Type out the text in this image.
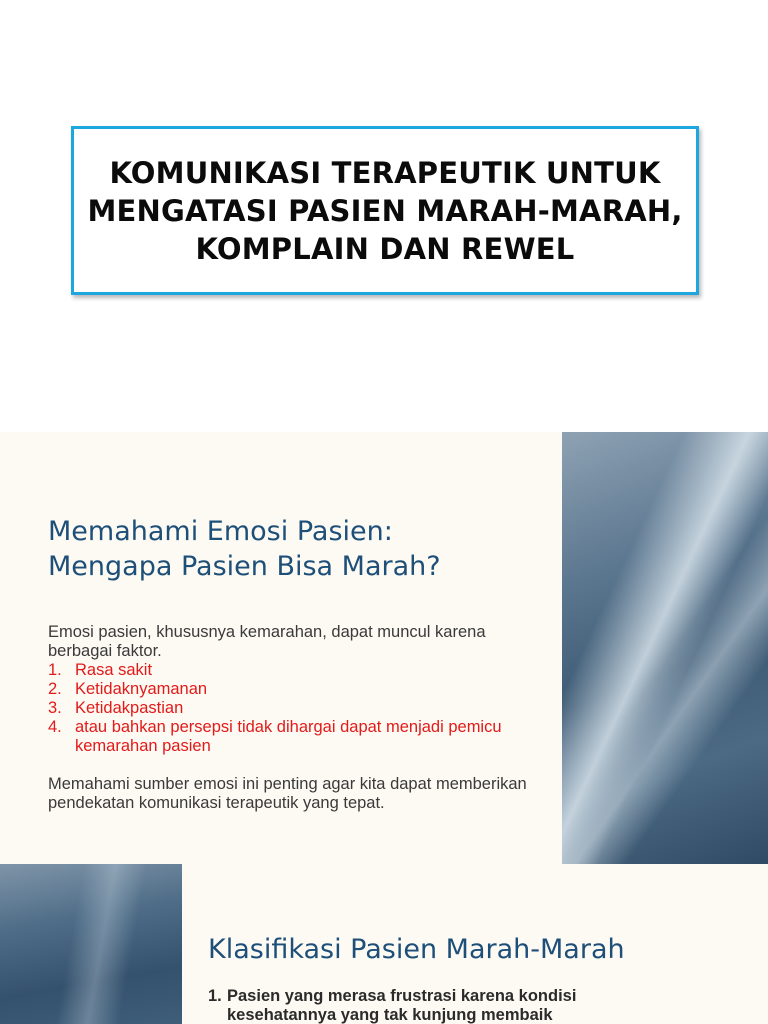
KOMUNIKASI TERAPEUTIK UNTUK MENGATASI PASIEN MARAH-MARAH, KOMPLAIN DAN REWEL
Memahami Emosi Pasien: Mengapa Pasien Bisa Marah?

Emosi pasien, khususnya kemarahan, dapat muncul karena berbagai faktor.

1. Rasa sakit
2. Ketidaknyamanan
3. Ketidakpastian
4. atau bahkan persepsi tidak dihargai dapat menjadi pemicu kemarahan pasien

Memahami sumber emosi ini penting agar kita dapat memberikan pendekatan komunikasi terapeutik yang tepat.

Klasifikasi Pasien Marah-Marah
1. Pasien yang merasa frustrasi karena kondisi kesehatannya yang tak kunjung membaik
